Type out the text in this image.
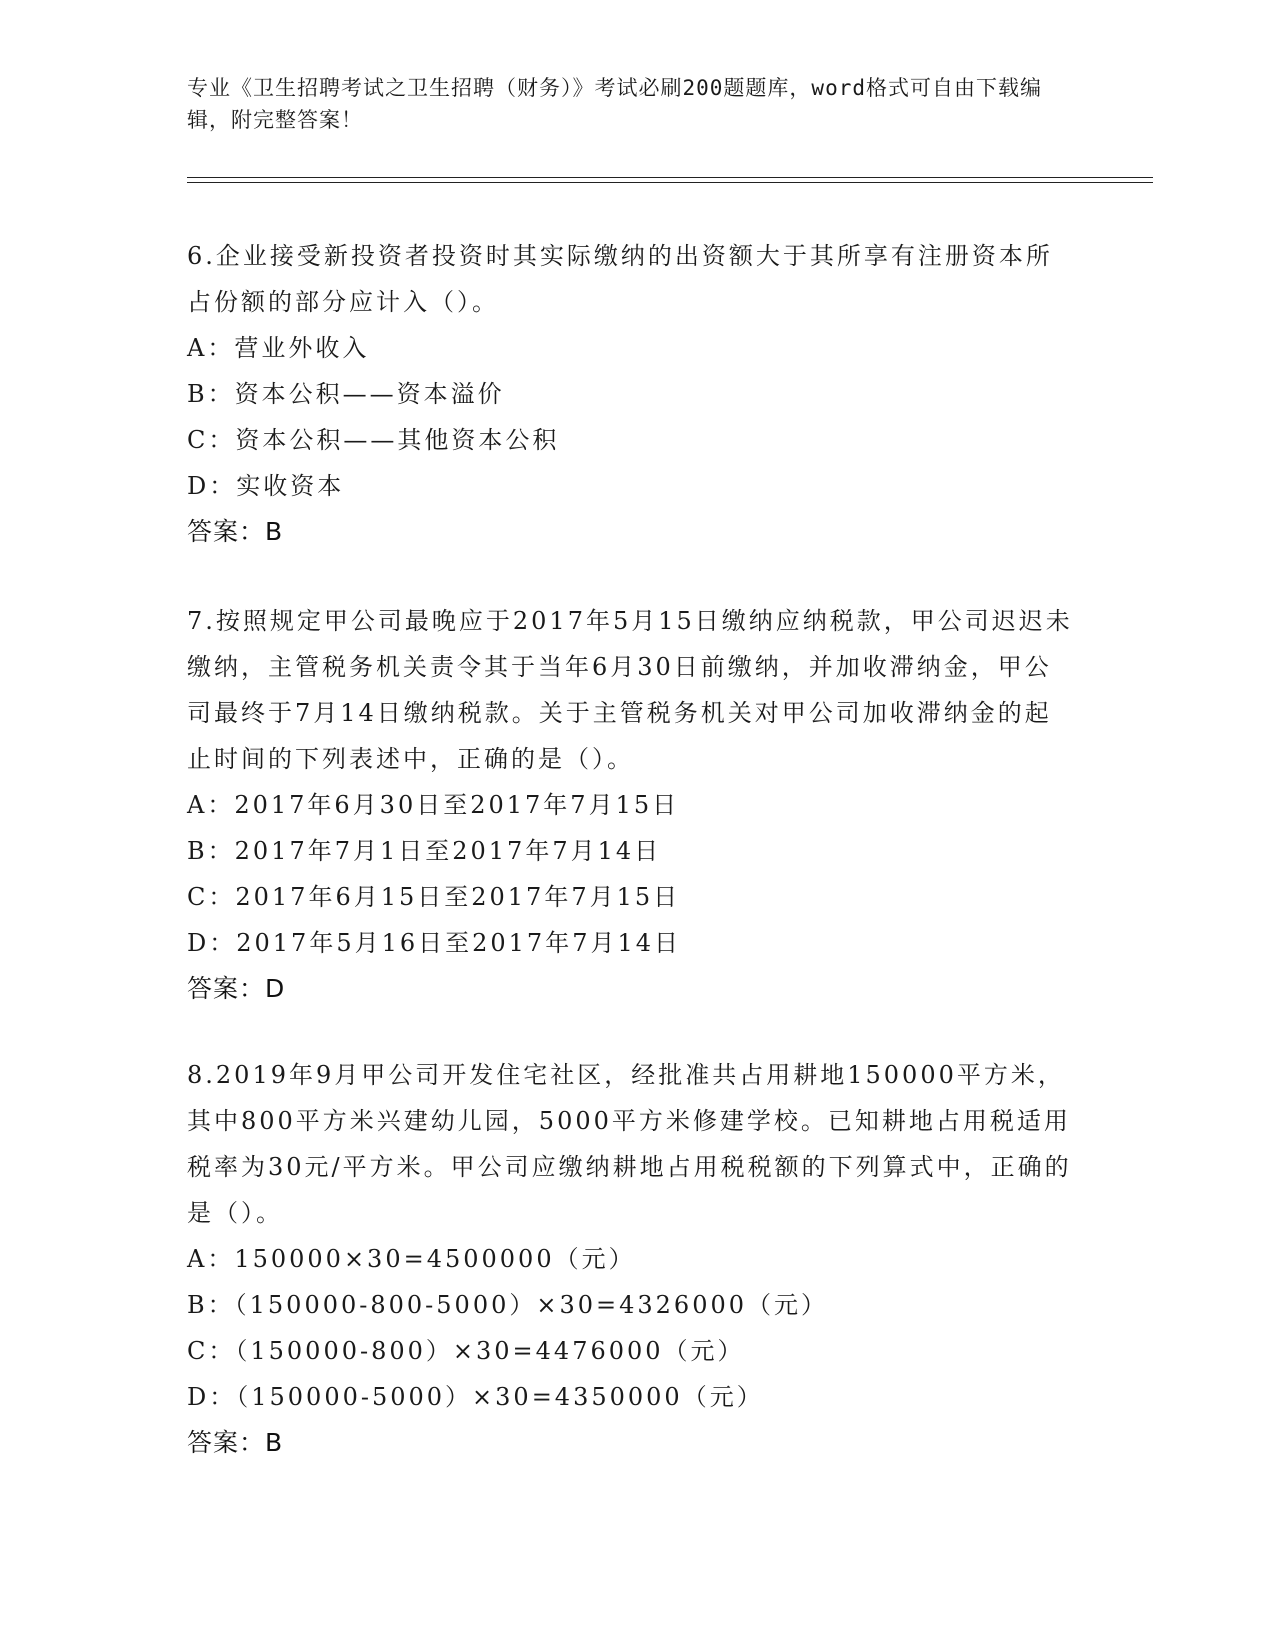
专业《卫生招聘考试之卫生招聘（财务）》考试必刷200题题库，word格式可自由下载编辑，附完整答案！

6.企业接受新投资者投资时其实际缴纳的出资额大于其所享有注册资本所占份额的部分应计入（）。

A：营业外收入

B：资本公积——资本溢价

C：资本公积——其他资本公积

D：实收资本

答案：B

7.按照规定甲公司最晚应于2017年5月15日缴纳应纳税款，甲公司迟迟未缴纳，主管税务机关责令其于当年6月30日前缴纳，并加收滞纳金，甲公司最终于7月14日缴纳税款。关于主管税务机关对甲公司加收滞纳金的起止时间的下列表述中，正确的是（）。

A：2017年6月30日至2017年7月15日

B：2017年7月1日至2017年7月14日

C：2017年6月15日至2017年7月15日

D：2017年5月16日至2017年7月14日

答案：D

8.2019年9月甲公司开发住宅社区，经批准共占用耕地150000平方米，其中800平方米兴建幼儿园，5000平方米修建学校。已知耕地占用税适用税率为30元/平方米。甲公司应缴纳耕地占用税税额的下列算式中，正确的是（）。

A：150000×30=4500000（元）

B：（150000-800-5000）×30=4326000（元）

C：（150000-800）×30=4476000（元）

D：（150000-5000）×30=4350000（元）

答案：B
